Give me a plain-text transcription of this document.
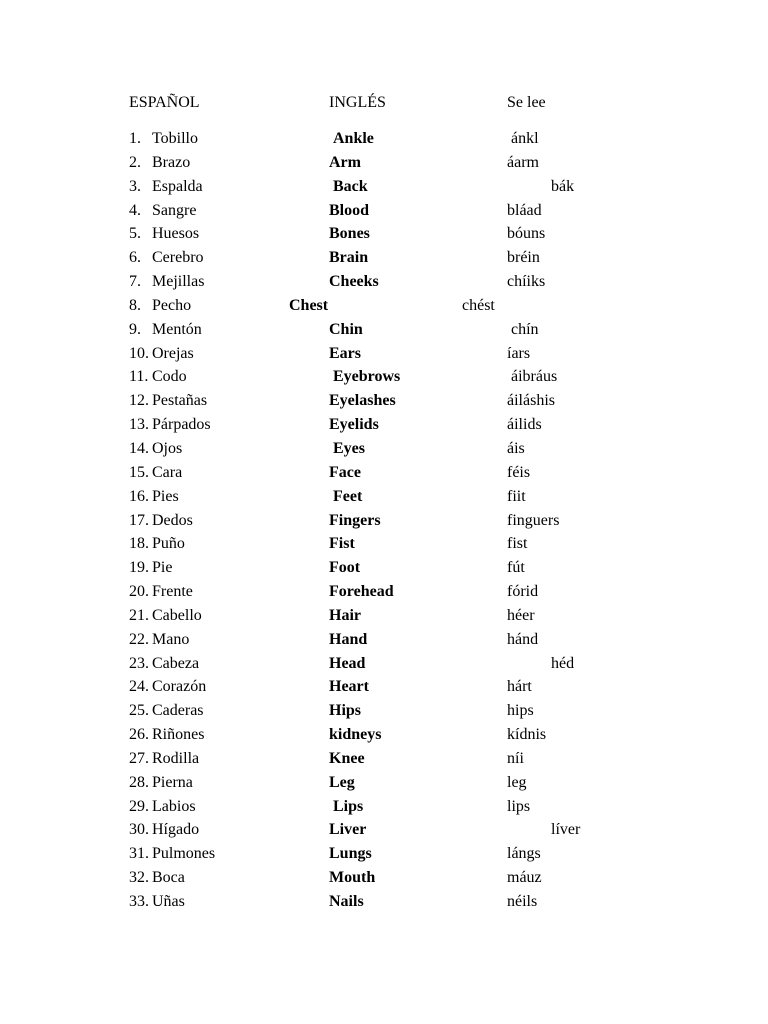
ESPAÑOL	INGLÉS	Se lee
1. Tobillo	Ankle	ánkl
2. Brazo	Arm	áarm
3. Espalda	Back	bák
4. Sangre	Blood	bláad
5. Huesos	Bones	bóuns
6. Cerebro	Brain	bréin
7. Mejillas	Cheeks	chíiks
8. Pecho	Chest	chést
9. Mentón	Chin	chín
10. Orejas	Ears	íars
11. Codo	Eyebrows	áibráus
12. Pestañas	Eyelashes	áiláshis
13. Párpados	Eyelids	áilids
14. Ojos	Eyes	áis
15. Cara	Face	féis
16. Pies	Feet	fiit
17. Dedos	Fingers	finguers
18. Puño	Fist	fist
19. Pie	Foot	fút
20. Frente	Forehead	fórid
21. Cabello	Hair	héer
22. Mano	Hand	hánd
23. Cabeza	Head	héd
24. Corazón	Heart	hárt
25. Caderas	Hips	hips
26. Riñones	kidneys	kídnis
27. Rodilla	Knee	níi
28. Pierna	Leg	leg
29. Labios	Lips	lips
30. Hígado	Liver	líver
31. Pulmones	Lungs	lángs
32. Boca	Mouth	máuz
33. Uñas	Nails	néils
